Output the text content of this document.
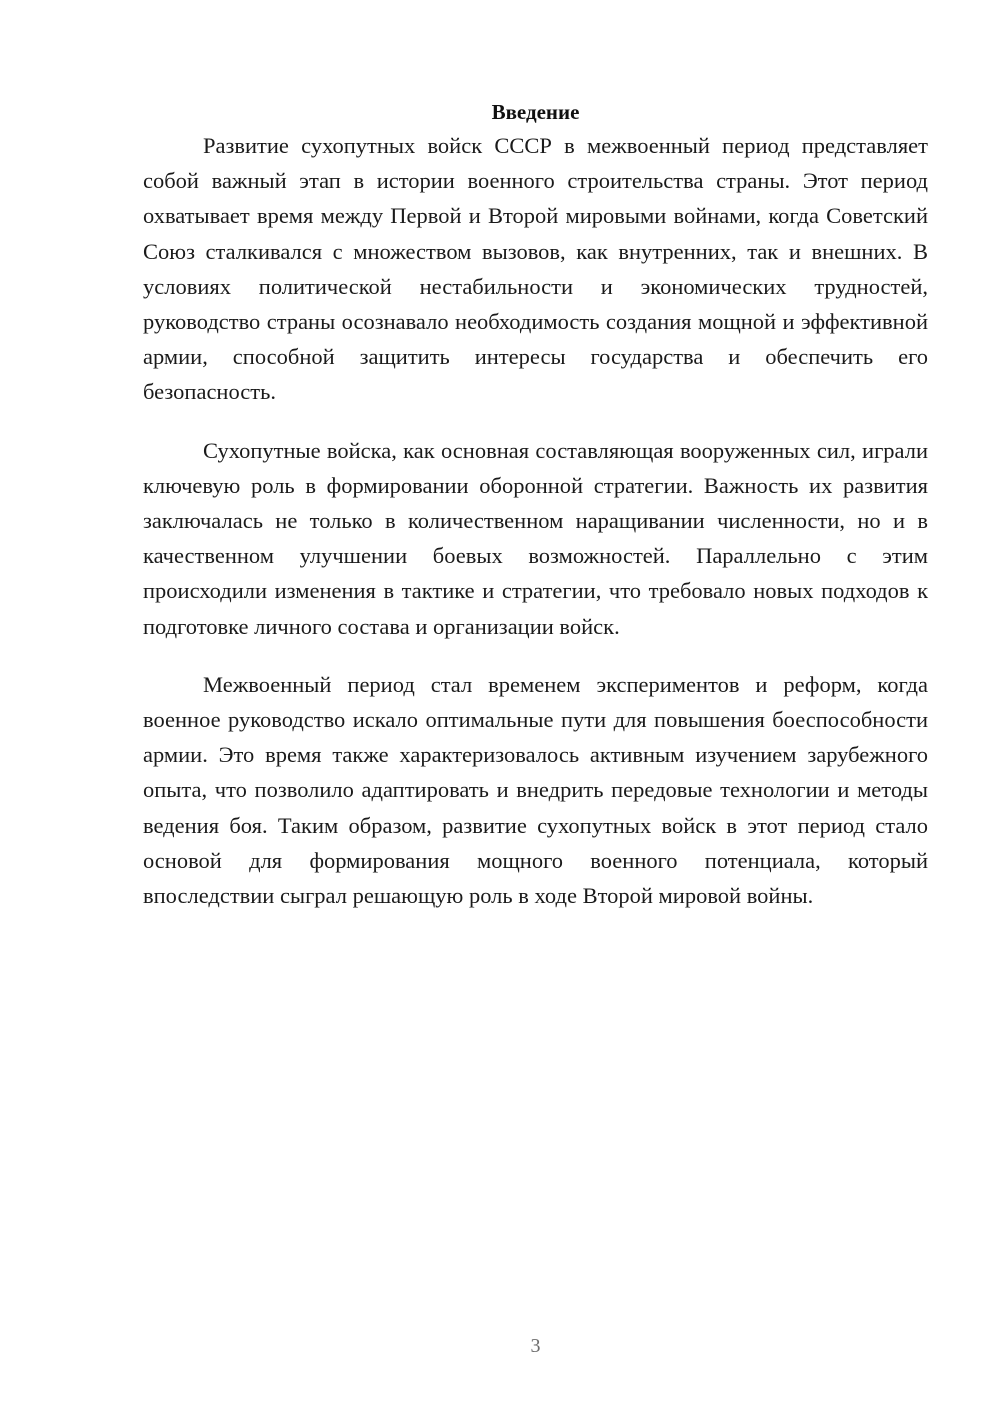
Введение

Развитие сухопутных войск СССР в межвоенный период представляет собой важный этап в истории военного строительства страны. Этот период охватывает время между Первой и Второй мировыми войнами, когда Советский Союз сталкивался с множеством вызовов, как внутренних, так и внешних. В условиях политической нестабильности и экономических трудностей, руководство страны осознавало необходимость создания мощной и эффективной армии, способной защитить интересы государства и обеспечить его безопасность.

Сухопутные войска, как основная составляющая вооруженных сил, играли ключевую роль в формировании оборонной стратегии. Важность их развития заключалась не только в количественном наращивании численности, но и в качественном улучшении боевых возможностей. Параллельно с этим происходили изменения в тактике и стратегии, что требовало новых подходов к подготовке личного состава и организации войск.

Межвоенный период стал временем экспериментов и реформ, когда военное руководство искало оптимальные пути для повышения боеспособности армии. Это время также характеризовалось активным изучением зарубежного опыта, что позволило адаптировать и внедрить передовые технологии и методы ведения боя. Таким образом, развитие сухопутных войск в этот период стало основой для формирования мощного военного потенциала, который впоследствии сыграл решающую роль в ходе Второй мировой войны.

3
